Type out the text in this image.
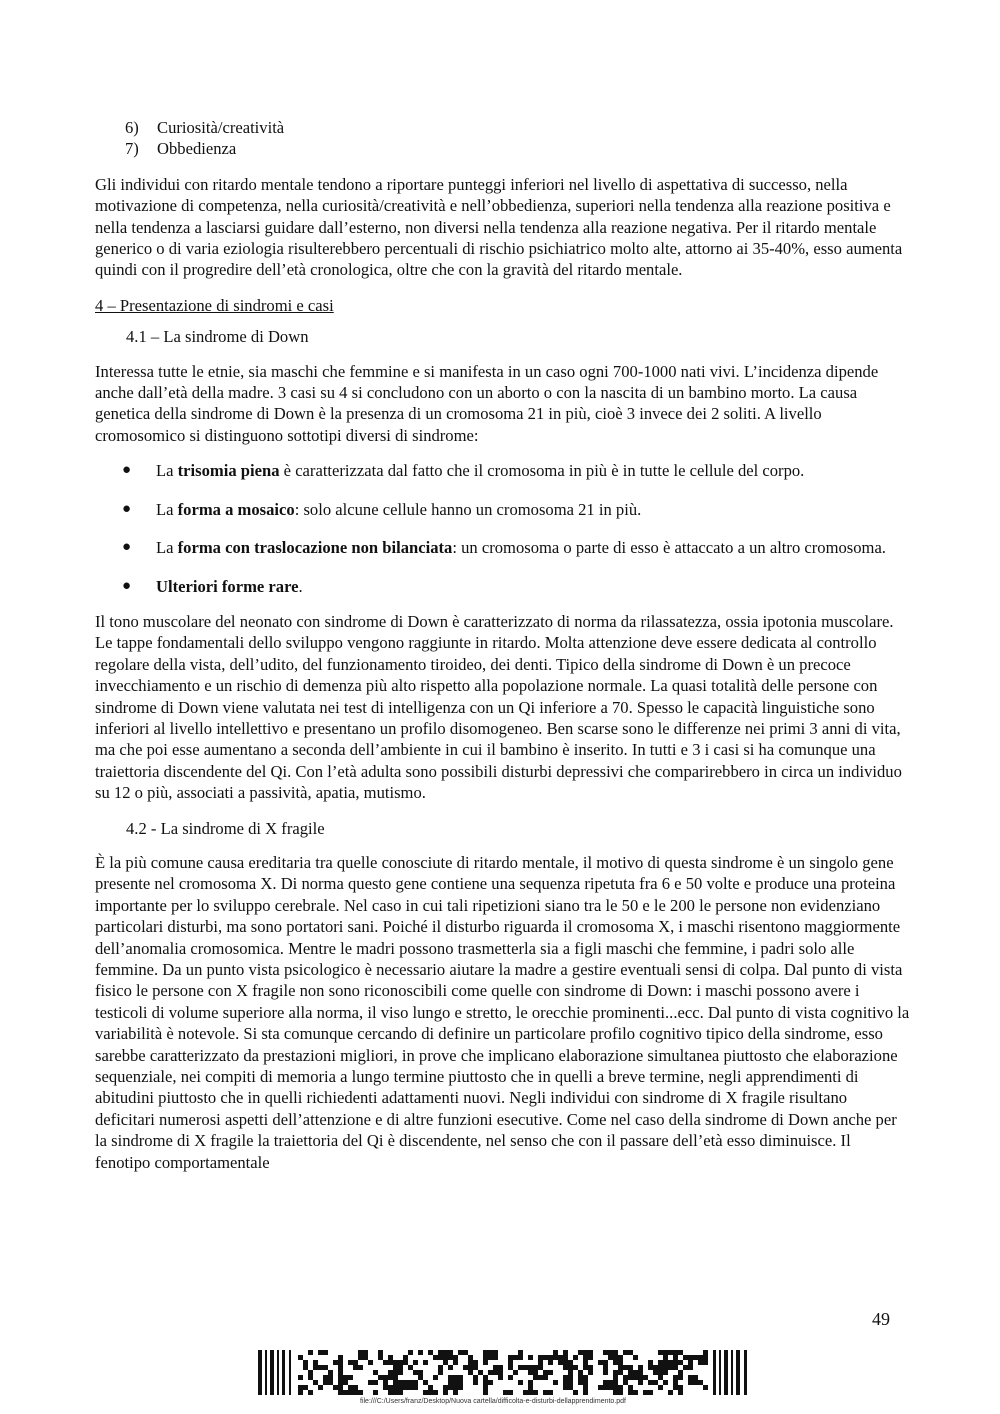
6)	Curiosità/creatività
7)	Obbedienza

Gli individui con ritardo mentale tendono a riportare punteggi inferiori nel livello di aspettativa di successo, nella motivazione di competenza, nella curiosità/creatività e nell’obbedienza, superiori nella tendenza alla reazione positiva e nella tendenza a lasciarsi guidare dall’esterno, non diversi nella tendenza alla reazione negativa. Per il ritardo mentale generico o di varia eziologia risulterebbero percentuali di rischio psichiatrico molto alte, attorno ai 35-40%, esso aumenta quindi con il progredire dell’età cronologica, oltre che con la gravità del ritardo mentale.

4 – Presentazione di sindromi e casi

4.1 – La sindrome di Down

Interessa tutte le etnie, sia maschi che femmine e si manifesta in un caso ogni 700-1000 nati vivi. L’incidenza dipende anche dall’età della madre. 3 casi su 4 si concludono con un aborto o con la nascita di un bambino morto. La causa genetica della sindrome di Down è la presenza di un cromosoma 21 in più, cioè 3 invece dei 2 soliti. A livello cromosomico si distinguono sottotipi diversi di sindrome:

●	La trisomia piena è caratterizzata dal fatto che il cromosoma in più è in tutte le cellule del corpo.
●	La forma a mosaico: solo alcune cellule hanno un cromosoma 21 in più.
●	La forma con traslocazione non bilanciata: un cromosoma o parte di esso è attaccato a un altro cromosoma.
●	Ulteriori forme rare.

Il tono muscolare del neonato con sindrome di Down è caratterizzato di norma da rilassatezza, ossia ipotonia muscolare. Le tappe fondamentali dello sviluppo vengono raggiunte in ritardo. Molta attenzione deve essere dedicata al controllo regolare della vista, dell’udito, del funzionamento tiroideo, dei denti. Tipico della sindrome di Down è un precoce invecchiamento e un rischio di demenza più alto rispetto alla popolazione normale. La quasi totalità delle persone con sindrome di Down viene valutata nei test di intelligenza con un Qi inferiore a 70. Spesso le capacità linguistiche sono inferiori al livello intellettivo e presentano un profilo disomogeneo. Ben scarse sono le differenze nei primi 3 anni di vita, ma che poi esse aumentano a seconda dell’ambiente in cui il bambino è inserito. In tutti e 3 i casi si ha comunque una traiettoria discendente del Qi. Con l’età adulta sono possibili disturbi depressivi che comparirebbero in circa un individuo su 12 o più, associati a passività, apatia, mutismo.

4.2 - La sindrome di X fragile

È la più comune causa ereditaria tra quelle conosciute di ritardo mentale, il motivo di questa sindrome è un singolo gene presente nel cromosoma X. Di norma questo gene contiene una sequenza ripetuta fra 6 e 50 volte e produce una proteina importante per lo sviluppo cerebrale. Nel caso in cui tali ripetizioni siano tra le 50 e le 200 le persone non evidenziano particolari disturbi, ma sono portatori sani. Poiché il disturbo riguarda il cromosoma X, i maschi risentono maggiormente dell’anomalia cromosomica. Mentre le madri possono trasmetterla sia a figli maschi che femmine, i padri solo alle femmine. Da un punto vista psicologico è necessario aiutare la madre a gestire eventuali sensi di colpa. Dal punto di vista fisico le persone con X fragile non sono riconoscibili come quelle con sindrome di Down: i maschi possono avere i testicoli di volume superiore alla norma, il viso lungo e stretto, le orecchie prominenti...ecc. Dal punto di vista cognitivo la variabilità è notevole. Si sta comunque cercando di definire un particolare profilo cognitivo tipico della sindrome, esso sarebbe caratterizzato da prestazioni migliori, in prove che implicano elaborazione simultanea piuttosto che elaborazione sequenziale, nei compiti di memoria a lungo termine piuttosto che in quelli a breve termine, negli apprendimenti di abitudini piuttosto che in quelli richiedenti adattamenti nuovi. Negli individui con sindrome di X fragile risultano deficitari numerosi aspetti dell’attenzione e di altre funzioni esecutive. Come nel caso della sindrome di Down anche per la sindrome di X fragile la traiettoria del Qi è discendente, nel senso che con il passare dell’età esso diminuisce. Il fenotipo comportamentale

49
file:///C:/Users/franz/Desktop/Nuova cartella/difficolta-e-disturbi-dellapprendimento.pdf
